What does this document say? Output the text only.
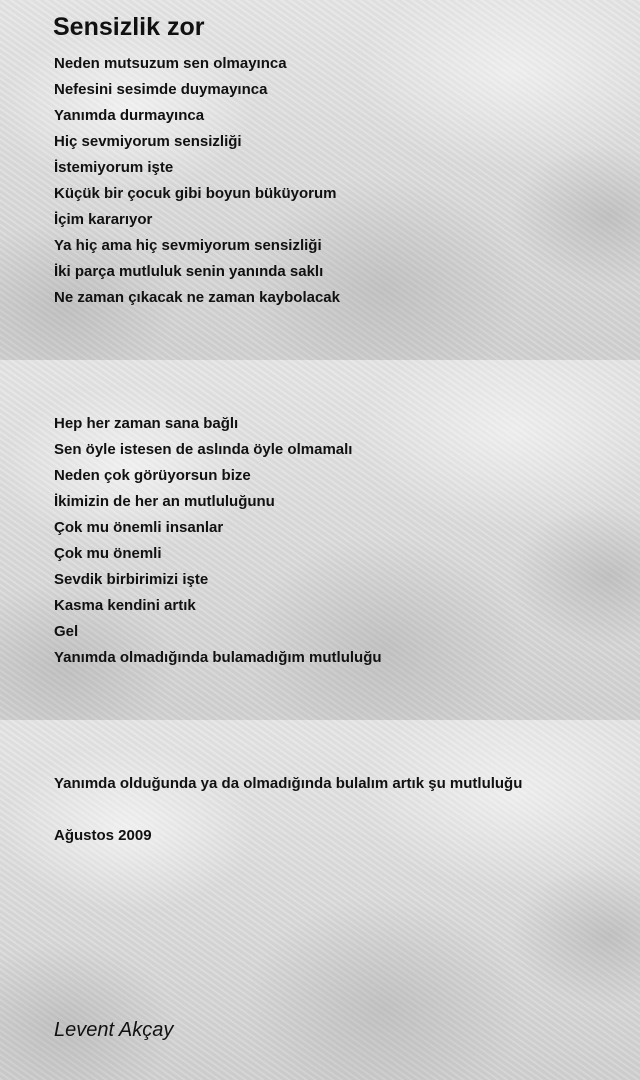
Sensizlik zor
Neden mutsuzum sen olmayınca
Nefesini sesimde duymayınca
Yanımda durmayınca
Hiç sevmiyorum sensizliği
İstemiyorum işte
Küçük bir çocuk gibi boyun büküyorum
İçim kararıyor
Ya hiç ama hiç sevmiyorum sensizliği
İki parça mutluluk senin yanında saklı
Ne zaman çıkacak ne zaman kaybolacak
Hep her zaman sana bağlı
Sen öyle istesen de aslında öyle olmamalı
Neden çok görüyorsun bize
İkimizin de her an mutluluğunu
Çok mu önemli insanlar
Çok mu önemli
Sevdik birbirimizi işte
Kasma kendini artık
Gel
Yanımda olmadığında bulamadığım mutluluğu
Yanımda olduğunda ya da olmadığında bulalım artık şu mutluluğu

Ağustos 2009

Levent Akçay
